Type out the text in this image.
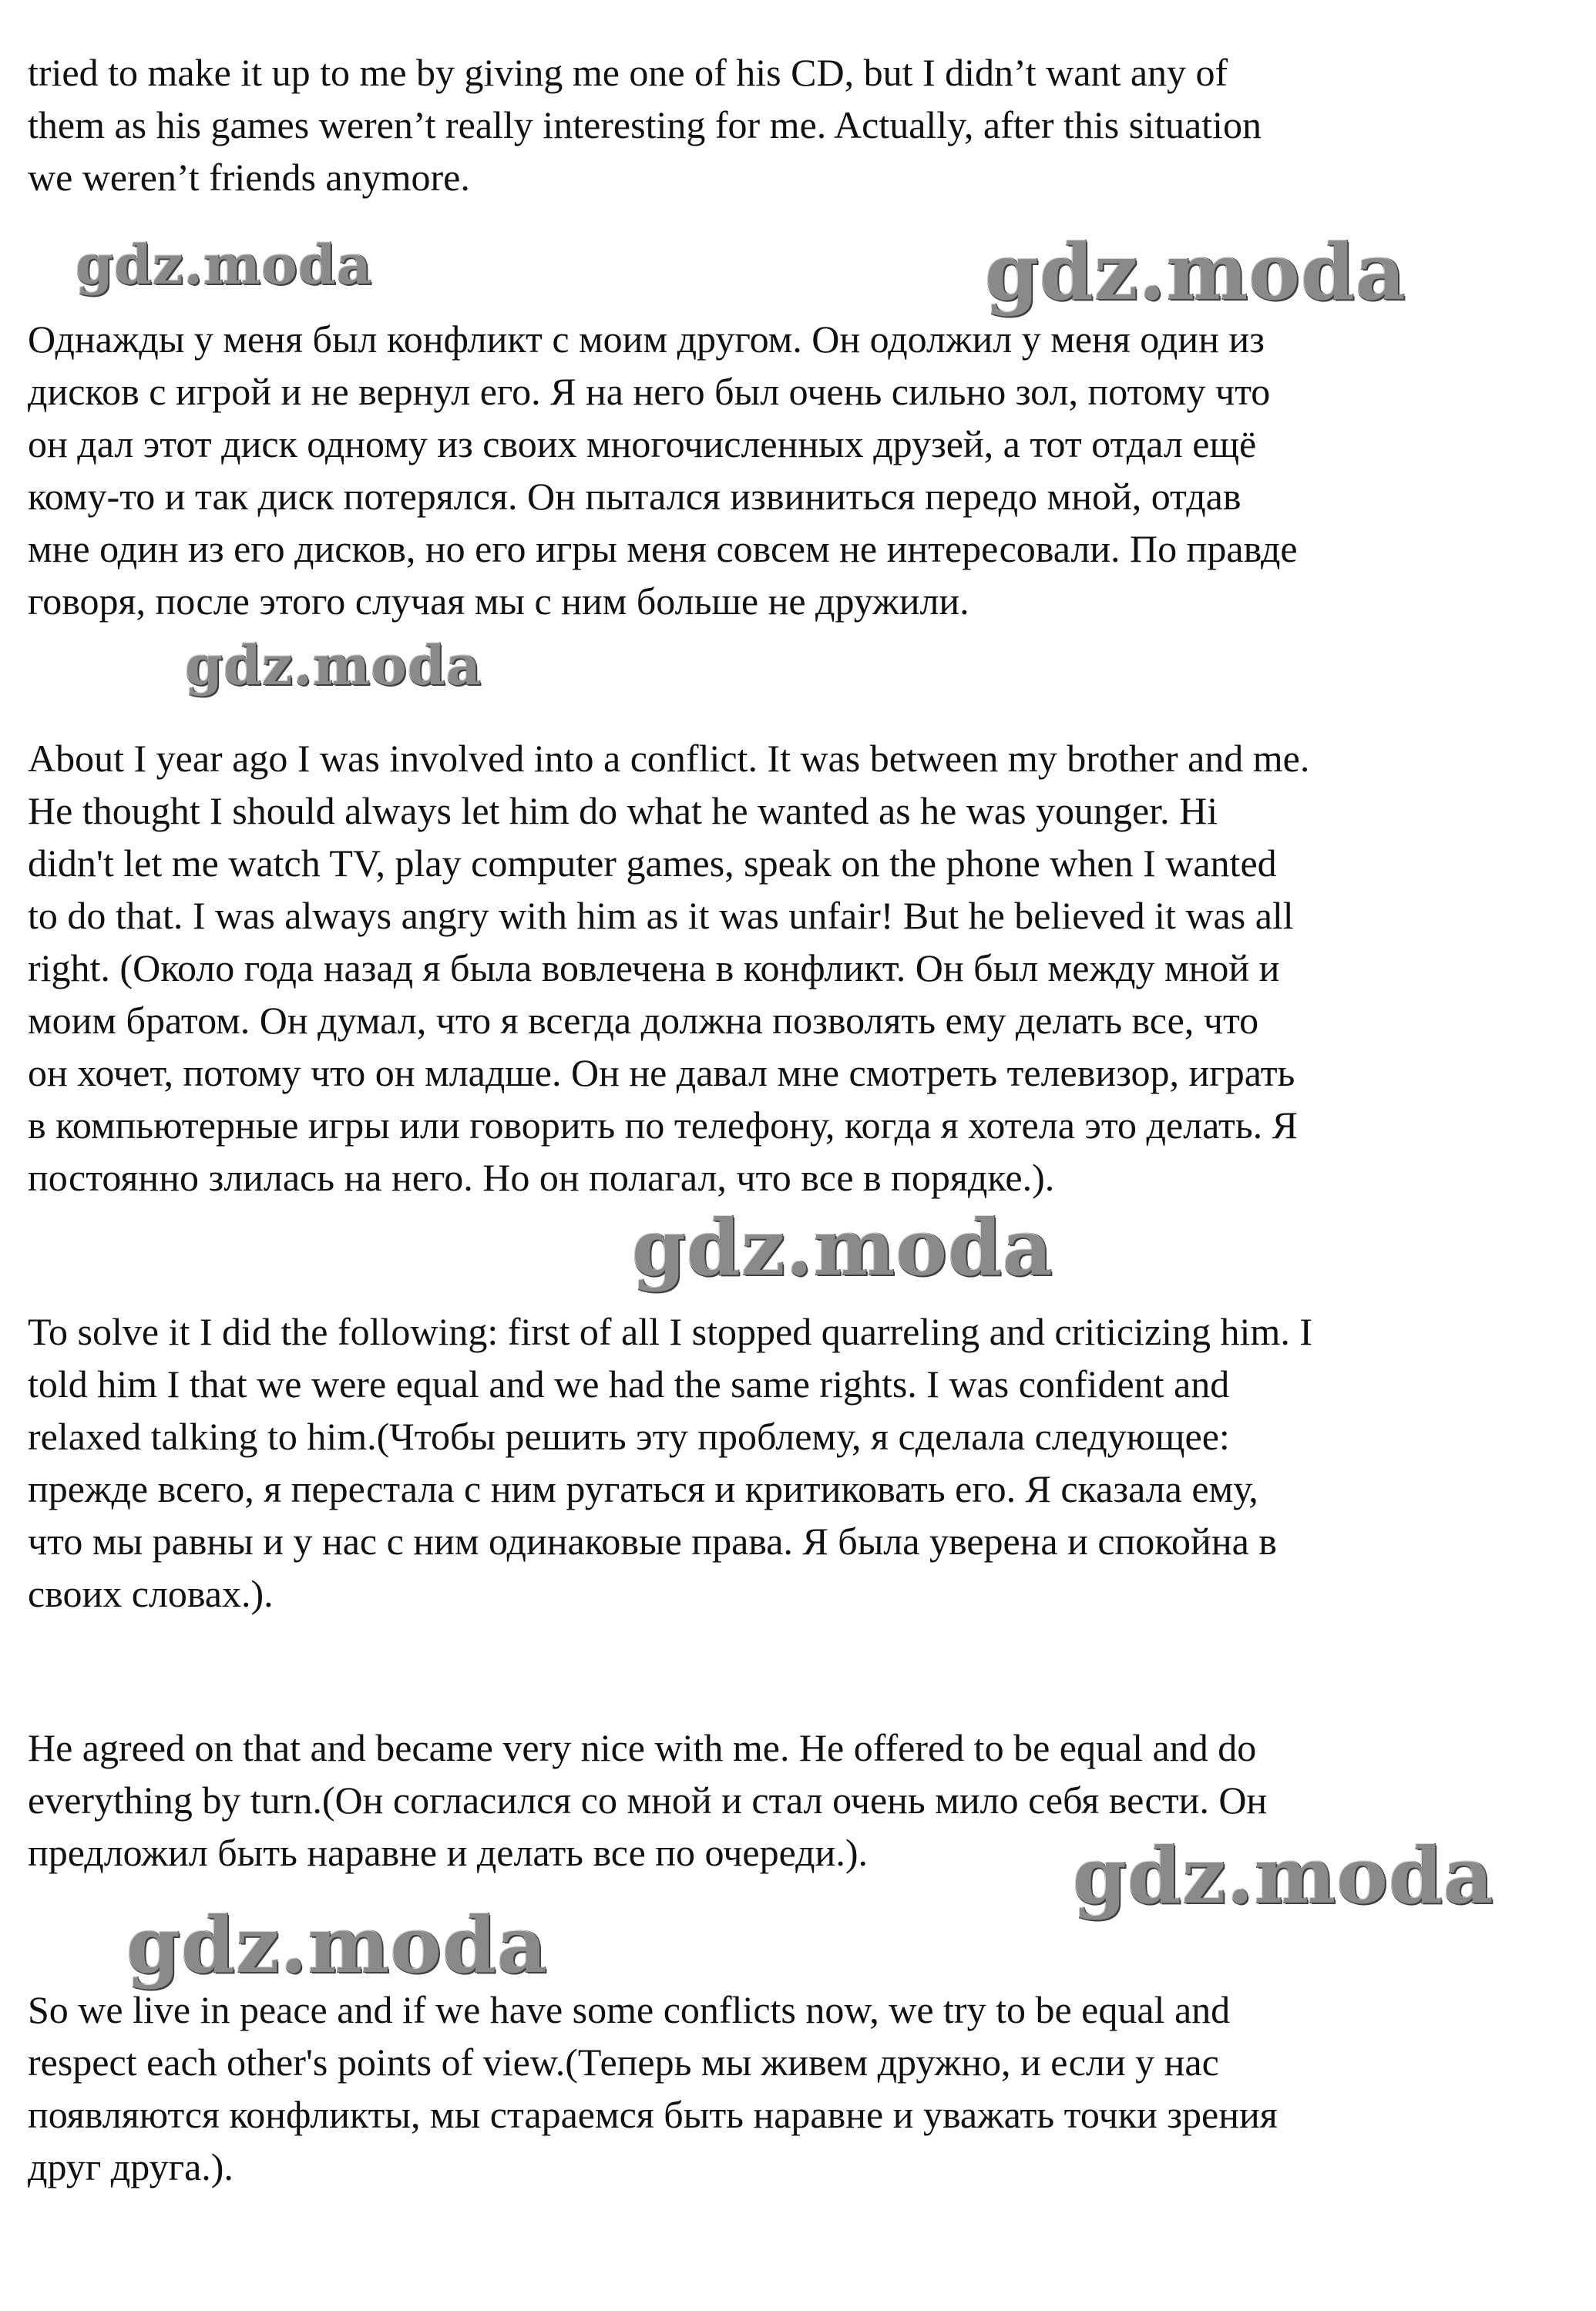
tried to make it up to me by giving me one of his CD, but I didn’t want any of
them as his games weren’t really interesting for me. Actually, after this situation
we weren’t friends anymore.
Однажды у меня был конфликт с моим другом. Он одолжил у меня один из
дисков с игрой и не вернул его. Я на него был очень сильно зол, потому что
он дал этот диск одному из своих многочисленных друзей, а тот отдал ещё
кому-то и так диск потерялся. Он пытался извиниться передо мной, отдав
мне один из его дисков, но его игры меня совсем не интересовали. По правде
говоря, после этого случая мы с ним больше не дружили.
About I year ago I was involved into a conflict. It was between my brother and me.
He thought I should always let him do what he wanted as he was younger. Hi
didn't let me watch TV, play computer games, speak on the phone when I wanted
to do that. I was always angry with him as it was unfair! But he believed it was all
right. (Около года назад я была вовлечена в конфликт. Он был между мной и
моим братом. Он думал, что я всегда должна позволять ему делать все, что
он хочет, потому что он младше. Он не давал мне смотреть телевизор, играть
в компьютерные игры или говорить по телефону, когда я хотела это делать. Я
постоянно злилась на него. Но он полагал, что все в порядке.).
To solve it I did the following: first of all I stopped quarreling and criticizing him. I
told him I that we were equal and we had the same rights. I was confident and
relaxed talking to him.(Чтобы решить эту проблему, я сделала следующее:
прежде всего, я перестала с ним ругаться и критиковать его. Я сказала ему,
что мы равны и у нас с ним одинаковые права. Я была уверена и спокойна в
своих словах.).
He agreed on that and became very nice with me. He offered to be equal and do
everything by turn.(Он согласился со мной и стал очень мило себя вести. Он
предложил быть наравне и делать все по очереди.).
So we live in peace and if we have some conflicts now, we try to be equal and
respect each other's points of view.(Теперь мы живем дружно, и если у нас
появляются конфликты, мы стараемся быть наравне и уважать точки зрения
друг друга.).
gdz.moda	gdz.moda
gdz.moda
gdz.moda
gdz.moda
gdz.moda
